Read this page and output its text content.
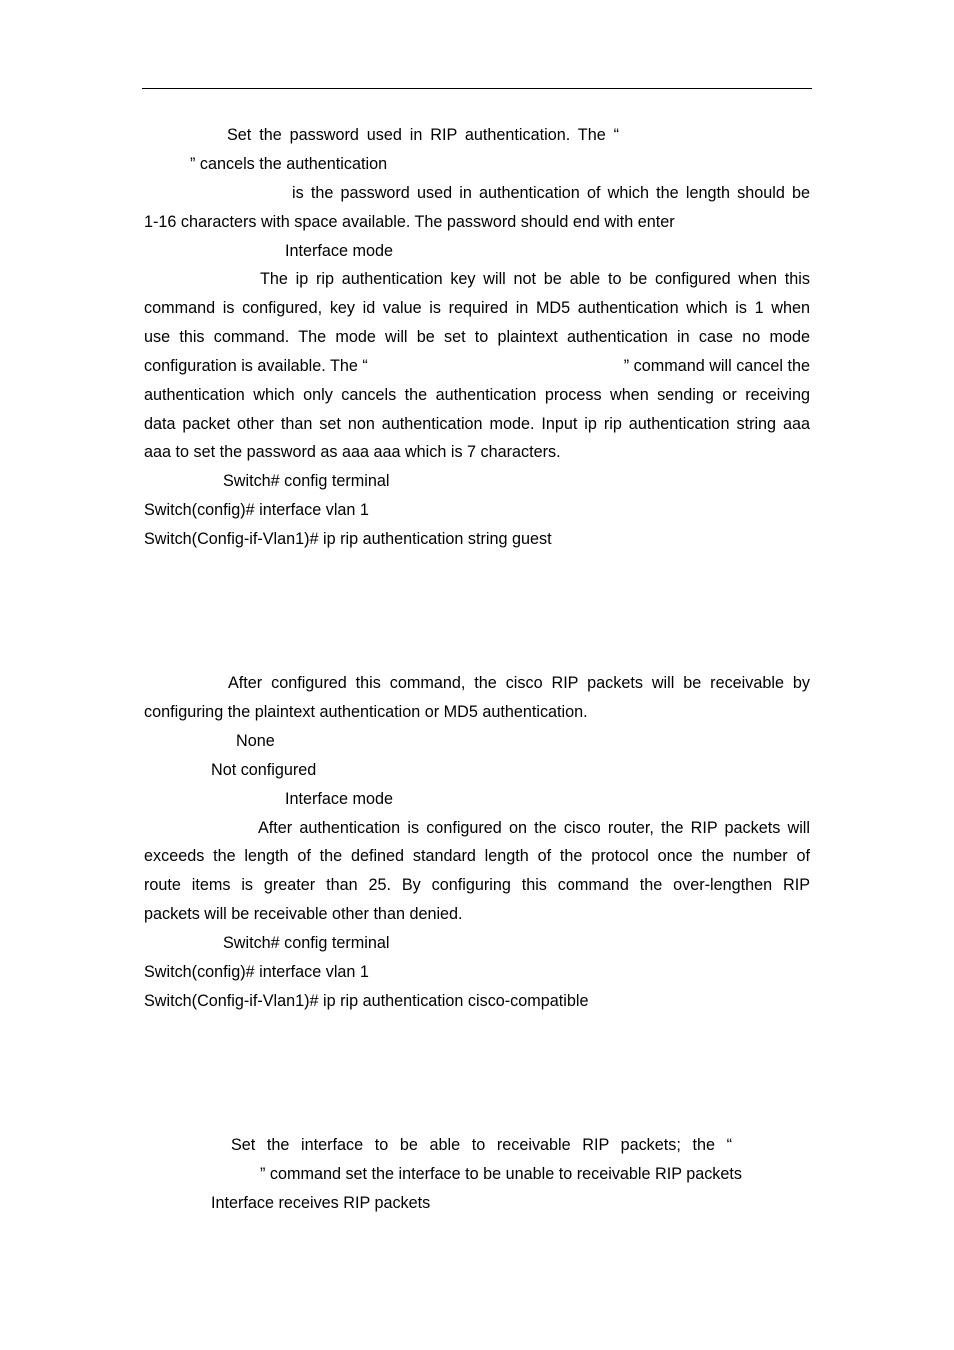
Set the password used in RIP authentication. The “
” cancels the authentication
is the password used in authentication of which the length should be
1-16 characters with space available. The password should end with enter
Interface mode
The ip rip authentication key will not be able to be configured when this
command is configured, key id value is required in MD5 authentication which is 1 when
use this command. The mode will be set to plaintext authentication in case no mode
configuration is available. The “	” command will cancel the
authentication which only cancels the authentication process when sending or receiving
data packet other than set non authentication mode. Input ip rip authentication string aaa
aaa to set the password as aaa aaa which is 7 characters.
Switch# config terminal
Switch(config)# interface vlan 1
Switch(Config-if-Vlan1)# ip rip authentication string guest
After configured this command, the cisco RIP packets will be receivable by
configuring the plaintext authentication or MD5 authentication.
None
Not configured
Interface mode
After authentication is configured on the cisco router, the RIP packets will
exceeds the length of the defined standard length of the protocol once the number of
route items is greater than 25. By configuring this command the over-lengthen RIP
packets will be receivable other than denied.
Switch# config terminal
Switch(config)# interface vlan 1
Switch(Config-if-Vlan1)# ip rip authentication cisco-compatible
Set the interface to be able to receivable RIP packets; the “
” command set the interface to be unable to receivable RIP packets
Interface receives RIP packets
